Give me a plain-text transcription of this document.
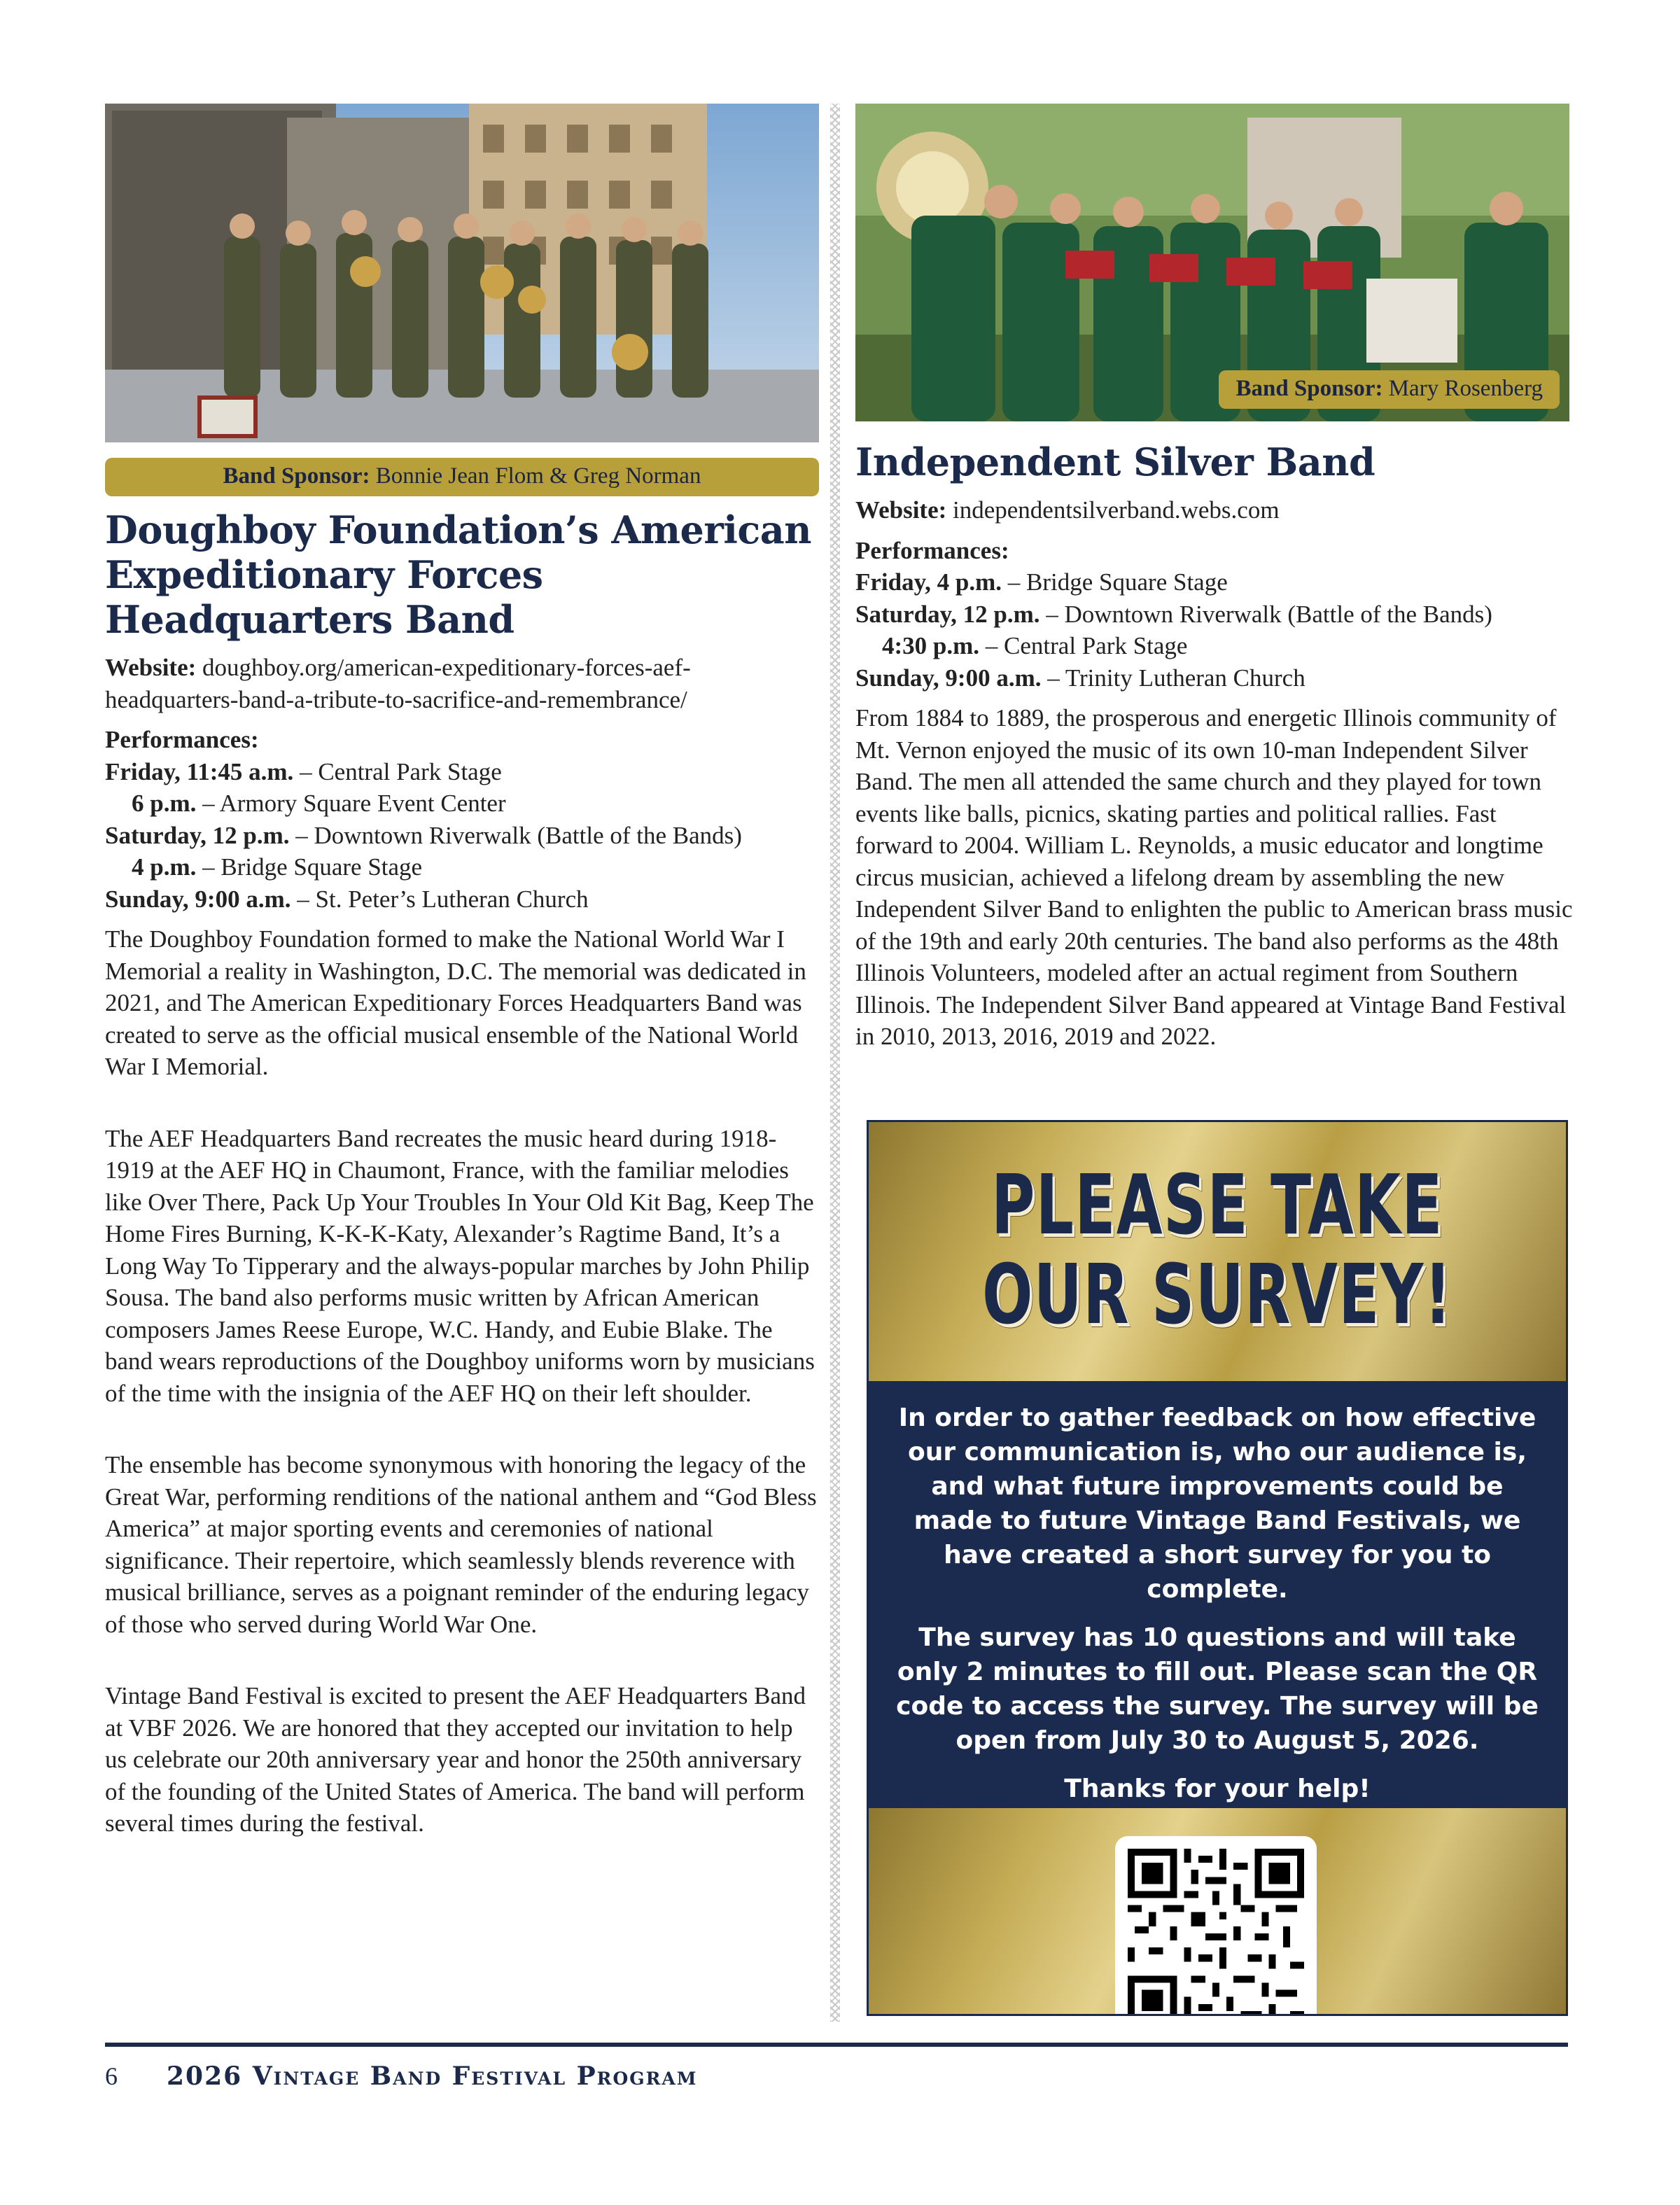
Band Sponsor: Bonnie Jean Flom & Greg Norman
Doughboy Foundation’s American Expeditionary Forces Headquarters Band

Website: doughboy.org/american-expeditionary-forces-aef-headquarters-band-a-tribute-to-sacrifice-and-remembrance/

Performances:
Friday, 11:45 a.m. – Central Park Stage
6 p.m. – Armory Square Event Center
Saturday, 12 p.m. – Downtown Riverwalk (Battle of the Bands)
4 p.m. – Bridge Square Stage
Sunday, 9:00 a.m. – St. Peter’s Lutheran Church

The Doughboy Foundation formed to make the National World War I Memorial a reality in Washington, D.C. The memorial was dedicated in 2021, and The American Expeditionary Forces Headquarters Band was created to serve as the official musical ensemble of the National World War I Memorial.

The AEF Headquarters Band recreates the music heard during 1918-1919 at the AEF HQ in Chaumont, France, with the familiar melodies like Over There, Pack Up Your Troubles In Your Old Kit Bag, Keep The Home Fires Burning, K-K-K-Katy, Alexander’s Ragtime Band, It’s a Long Way To Tipperary and the always-popular marches by John Philip Sousa. The band also performs music written by African American composers James Reese Europe, W.C. Handy, and Eubie Blake. The band wears reproductions of the Doughboy uniforms worn by musicians of the time with the insignia of the AEF HQ on their left shoulder.

The ensemble has become synonymous with honoring the legacy of the Great War, performing renditions of the national anthem and “God Bless America” at major sporting events and ceremonies of national significance. Their repertoire, which seamlessly blends reverence with musical brilliance, serves as a poignant reminder of the enduring legacy of those who served during World War One.

Vintage Band Festival is excited to present the AEF Headquarters Band at VBF 2026. We are honored that they accepted our invitation to help us celebrate our 20th anniversary year and honor the 250th anniversary of the founding of the United States of America. The band will perform several times during the festival.

Band Sponsor: Mary Rosenberg
Independent Silver Band

Website: independentsilverband.webs.com

Performances:
Friday, 4 p.m. – Bridge Square Stage
Saturday, 12 p.m. – Downtown Riverwalk (Battle of the Bands)
4:30 p.m. – Central Park Stage
Sunday, 9:00 a.m. – Trinity Lutheran Church

From 1884 to 1889, the prosperous and energetic Illinois community of Mt. Vernon enjoyed the music of its own 10-man Independent Silver Band. The men all attended the same church and they played for town events like balls, picnics, skating parties and political rallies. Fast forward to 2004. William L. Reynolds, a music educator and longtime circus musician, achieved a lifelong dream by assembling the new Independent Silver Band to enlighten the public to American brass music of the 19th and early 20th centuries. The band also performs as the 48th Illinois Volunteers, modeled after an actual regiment from Southern Illinois. The Independent Silver Band appeared at Vintage Band Festival in 2010, 2013, 2016, 2019 and 2022.

PLEASE TAKE
OUR SURVEY!

In order to gather feedback on how effective our communication is, who our audience is, and what future improvements could be made to future Vintage Band Festivals, we have created a short survey for you to complete.

The survey has 10 questions and will take only 2 minutes to fill out. Please scan the QR code to access the survey. The survey will be open from July 30 to August 5, 2026.

Thanks for your help!

6 2026 Vintage Band Festival Program
